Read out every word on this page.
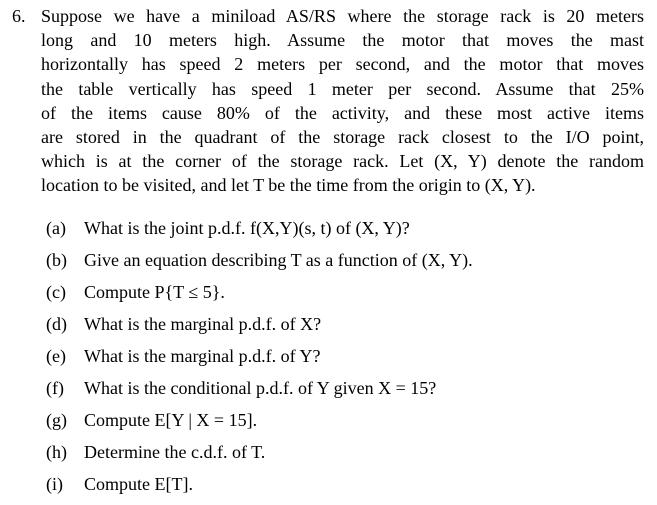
6. Suppose we have a miniload AS/RS where the storage rack is 20 meters
long and 10 meters high. Assume the motor that moves the mast
horizontally has speed 2 meters per second, and the motor that moves
the table vertically has speed 1 meter per second. Assume that 25%
of the items cause 80% of the activity, and these most active items
are stored in the quadrant of the storage rack closest to the I/O point,
which is at the corner of the storage rack. Let (X, Y) denote the random
location to be visited, and let T be the time from the origin to (X, Y).
(a) What is the joint p.d.f. f(X,Y)(s, t) of (X, Y)?
(b) Give an equation describing T as a function of (X, Y).
(c) Compute P{T ≤ 5}.
(d) What is the marginal p.d.f. of X?
(e) What is the marginal p.d.f. of Y?
(f) What is the conditional p.d.f. of Y given X = 15?
(g) Compute E[Y | X = 15].
(h) Determine the c.d.f. of T.
(i) Compute E[T].
